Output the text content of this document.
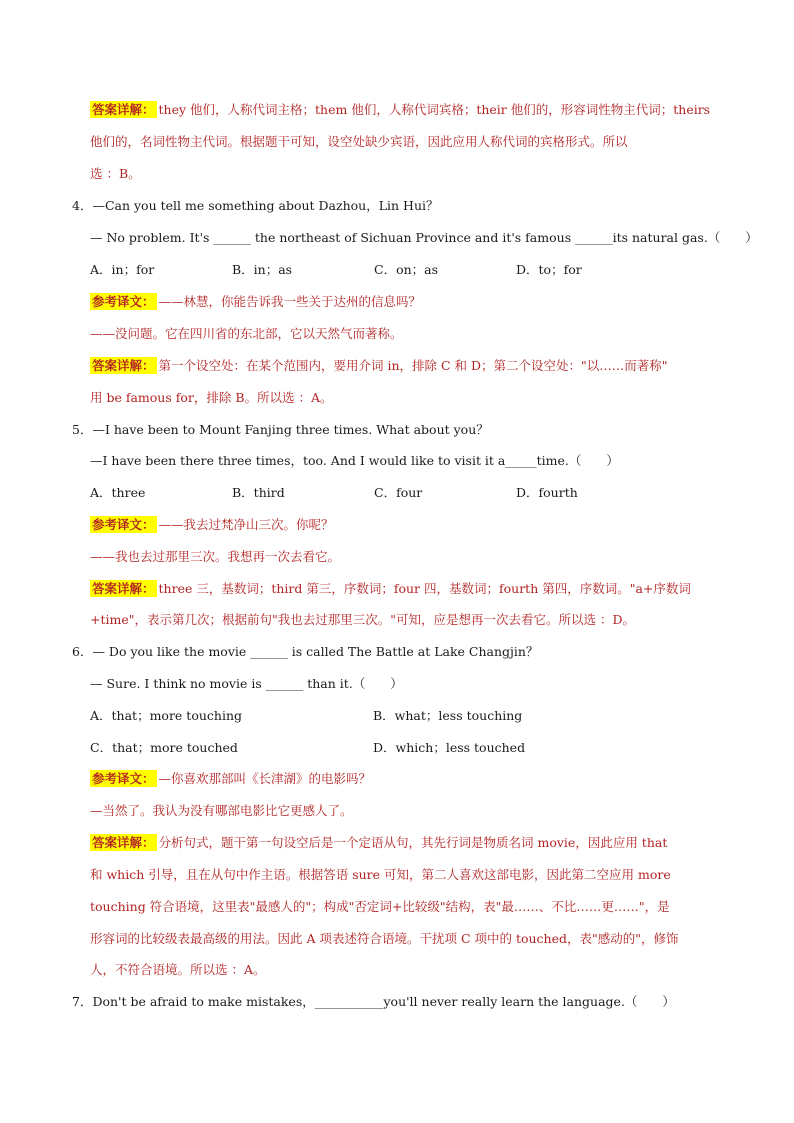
答案详解： they 他们，人称代词主格；them 他们，人称代词宾格；their 他们的，形容词性物主代词；theirs
他们的，名词性物主代词。根据题干可知，设空处缺少宾语，因此应用人称代词的宾格形式。所以
选 ：B。
4．—Can you tell me something about Dazhou，Lin Hui？
— No problem. It's ______ the northeast of Sichuan Province and it's famous ______its natural gas.（　　）
A．in；for	B．in；as	C．on；as	D．to；for
参考译文： ——林慧，你能告诉我一些关于达州的信息吗？
——没问题。它在四川省的东北部，它以天然气而著称。
答案详解： 第一个设空处：在某个范围内，要用介词 in，排除 C 和 D；第二个设空处："以……而著称"
用 be famous for，排除 B。所以选 ：A。
5．—I have been to Mount Fanjing three times. What about you？
—I have been there three times，too. And I would like to visit it a_____time.（　　）
A．three	B．third	C．four	D．fourth
参考译文： ——我去过梵净山三次。你呢？
——我也去过那里三次。我想再一次去看它。
答案详解： three 三，基数词；third 第三，序数词；four 四，基数词；fourth 第四，序数词。"a+序数词
+time"，表示第几次；根据前句"我也去过那里三次。"可知，应是想再一次去看它。所以选 ：D。
6．— Do you like the movie ______ is called The Battle at Lake Changjin？
— Sure. I think no movie is ______ than it.（　　）
A．that；more touching	B．what；less touching
C．that；more touched	D．which；less touched
参考译文： —你喜欢那部叫《长津湖》的电影吗？
—当然了。我认为没有哪部电影比它更感人了。
答案详解： 分析句式，题干第一句设空后是一个定语从句，其先行词是物质名词 movie，因此应用 that
和 which 引导，且在从句中作主语。根据答语 sure 可知，第二人喜欢这部电影，因此第二空应用 more
touching 符合语境，这里表"最感人的"；构成"否定词+比较级"结构，表"最……、不比……更……"，是
形容词的比较级表最高级的用法。因此 A 项表述符合语境。干扰项 C 项中的 touched，表"感动的"，修饰
人，不符合语境。所以选 ：A。
7．Don't be afraid to make mistakes，___________you'll never really learn the language.（　　）
